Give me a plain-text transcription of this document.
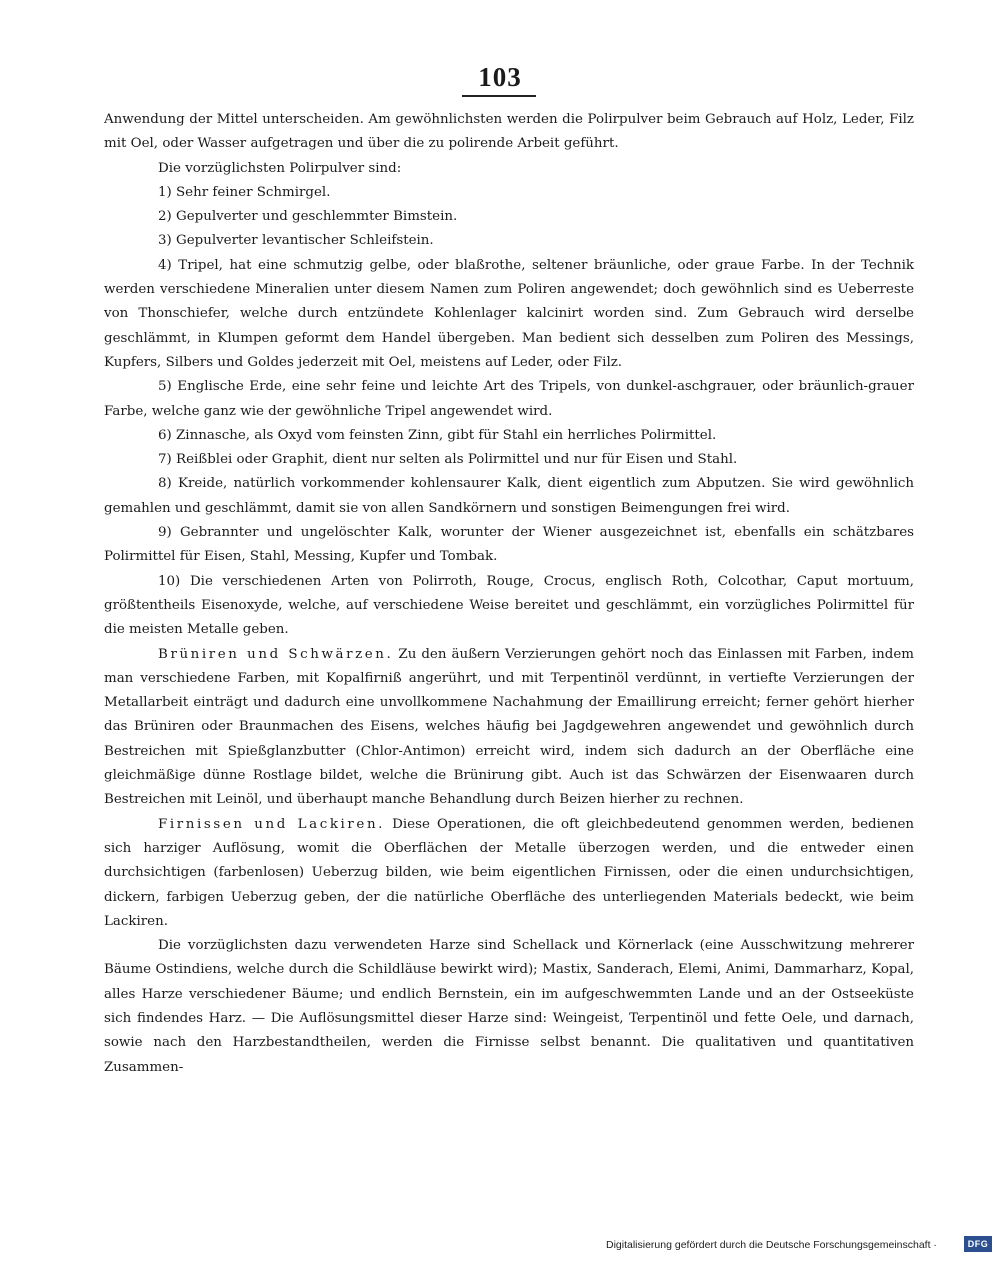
103

Anwendung der Mittel unterscheiden. Am gewöhnlichsten werden die Polirpulver beim Gebrauch auf Holz, Leder, Filz mit Oel, oder Wasser aufgetragen und über die zu polirende Arbeit geführt.

Die vorzüglichsten Polirpulver sind:

1) Sehr feiner Schmirgel.

2) Gepulverter und geschlemmter Bimstein.

3) Gepulverter levantischer Schleifstein.

4) Tripel, hat eine schmutzig gelbe, oder blaßrothe, seltener bräunliche, oder graue Farbe. In der Technik werden verschiedene Mineralien unter diesem Namen zum Poliren angewendet; doch gewöhnlich sind es Ueberreste von Thonschiefer, welche durch entzündete Kohlenlager kalcinirt worden sind. Zum Gebrauch wird derselbe geschlämmt, in Klumpen geformt dem Handel übergeben. Man bedient sich desselben zum Poliren des Messings, Kupfers, Silbers und Goldes jederzeit mit Oel, meistens auf Leder, oder Filz.

5) Englische Erde, eine sehr feine und leichte Art des Tripels, von dunkel-aschgrauer, oder bräunlich-grauer Farbe, welche ganz wie der gewöhnliche Tripel angewendet wird.

6) Zinnasche, als Oxyd vom feinsten Zinn, gibt für Stahl ein herrliches Polirmittel.

7) Reißblei oder Graphit, dient nur selten als Polirmittel und nur für Eisen und Stahl.

8) Kreide, natürlich vorkommender kohlensaurer Kalk, dient eigentlich zum Abputzen. Sie wird gewöhnlich gemahlen und geschlämmt, damit sie von allen Sandkörnern und sonstigen Beimengungen frei wird.

9) Gebrannter und ungelöschter Kalk, worunter der Wiener ausgezeichnet ist, ebenfalls ein schätzbares Polirmittel für Eisen, Stahl, Messing, Kupfer und Tombak.

10) Die verschiedenen Arten von Polirroth, Rouge, Crocus, englisch Roth, Colcothar, Caput mortuum, größtentheils Eisenoxyde, welche, auf verschiedene Weise bereitet und geschlämmt, ein vorzügliches Polirmittel für die meisten Metalle geben.

Brüniren und Schwärzen. Zu den äußern Verzierungen gehört noch das Einlassen mit Farben, indem man verschiedene Farben, mit Kopalfirniß angerührt, und mit Terpentinöl verdünnt, in vertiefte Verzierungen der Metallarbeit einträgt und dadurch eine unvollkommene Nachahmung der Emaillirung erreicht; ferner gehört hierher das Brüniren oder Braunmachen des Eisens, welches häufig bei Jagdgewehren angewendet und gewöhnlich durch Bestreichen mit Spießglanzbutter (Chlor-Antimon) erreicht wird, indem sich dadurch an der Oberfläche eine gleichmäßige dünne Rostlage bildet, welche die Brünirung gibt. Auch ist das Schwärzen der Eisenwaaren durch Bestreichen mit Leinöl, und überhaupt manche Behandlung durch Beizen hierher zu rechnen.

Firnissen und Lackiren. Diese Operationen, die oft gleichbedeutend genommen werden, bedienen sich harziger Auflösung, womit die Oberflächen der Metalle überzogen werden, und die entweder einen durchsichtigen (farbenlosen) Ueberzug bilden, wie beim eigentlichen Firnissen, oder die einen undurchsichtigen, dickern, farbigen Ueberzug geben, der die natürliche Oberfläche des unterliegenden Materials bedeckt, wie beim Lackiren.

Die vorzüglichsten dazu verwendeten Harze sind Schellack und Körnerlack (eine Ausschwitzung mehrerer Bäume Ostindiens, welche durch die Schildläuse bewirkt wird); Mastix, Sanderach, Elemi, Animi, Dammarharz, Kopal, alles Harze verschiedener Bäume; und endlich Bernstein, ein im aufgeschwemmten Lande und an der Ostseeküste sich findendes Harz. — Die Auflösungsmittel dieser Harze sind: Weingeist, Terpentinöl und fette Oele, und darnach, sowie nach den Harzbestandtheilen, werden die Firnisse selbst benannt. Die qualitativen und quantitativen Zusammen-

Digitalisierung gefördert durch die Deutsche Forschungsgemeinschaft ·	DFG
